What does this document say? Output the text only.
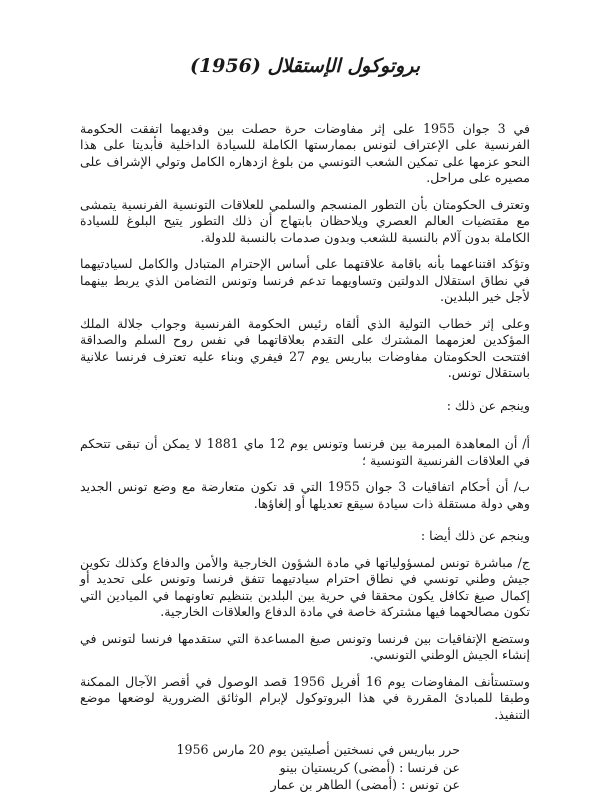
بروتوكول الإستقلال (1956)

في 3 جوان 1955 على إثر مفاوضات حرة حصلت بين وفديهما اتفقت الحكومة الفرنسية على الإعتراف لتونس بممارستها الكاملة للسيادة الداخلية فأبديتا على هذا النحو عزمها على تمكين الشعب التونسي من بلوغ ازدهاره الكامل وتولي الإشراف على مصيره على مراحل.

وتعترف الحكومتان بأن التطور المنسجم والسلمي للعلاقات التونسية الفرنسية يتمشى مع مقتضيات العالم العصري ويلاحظان بابتهاج أن ذلك التطور يتيح البلوغ للسيادة الكاملة بدون آلام بالنسبة للشعب وبدون صدمات بالنسبة للدولة.

وتؤكد اقتناعهما بأنه باقامة علاقتهما على أساس الإحترام المتبادل والكامل لسيادتيهما في نطاق استقلال الدولتين وتساويهما تدعم فرنسا وتونس التضامن الذي يربط بينهما لأجل خير البلدين.

وعلى إثر خطاب التولية الذي ألقاه رئيس الحكومة الفرنسية وجواب جلالة الملك المؤكدين لعزمهما المشترك على التقدم بعلاقاتهما في نفس روح السلم والصداقة افتتحت الحكومتان مفاوضات بباريس يوم 27 فيفري وبناء عليه تعترف فرنسا علانية باستقلال تونس.

وينجم عن ذلك :

أ/ أن المعاهدة المبرمة بين فرنسا وتونس يوم 12 ماي 1881 لا يمكن أن تبقى تتحكم في العلاقات الفرنسية التونسية ؛

ب/ أن أحكام اتفاقيات 3 جوان 1955 التي قد تكون متعارضة مع وضع تونس الجديد وهي دولة مستقلة ذات سيادة سيقع تعديلها أو إلغاؤها.

وينجم عن ذلك أيضا :

ج/ مباشرة تونس لمسؤولياتها في مادة الشؤون الخارجية والأمن والدفاع وكذلك تكوين جيش وطني تونسي في نطاق احترام سيادتيهما تتفق فرنسا وتونس على تحديد أو إكمال صيغ تكافل يكون محققا في حرية بين البلدين بتنظيم تعاونهما في الميادين التي تكون مصالحهما فيها مشتركة خاصة في مادة الدفاع والعلاقات الخارجية.

وستضع الإتفاقيات بين فرنسا وتونس صيغ المساعدة التي ستقدمها فرنسا لتونس في إنشاء الجيش الوطني التونسي.

وستستأنف المفاوضات يوم 16 أفريل 1956 قصد الوصول في أقصر الآجال الممكنة وطبقا للمبادئ المقررة في هذا البروتوكول لإبرام الوثائق الضرورية لوضعها موضع التنفيذ.

حرر بباريس في نسختين أصليتين يوم 20 مارس 1956
عن فرنسا : (أمضى) كريستيان بينو
عن تونس : (أمضى) الطاهر بن عمار
